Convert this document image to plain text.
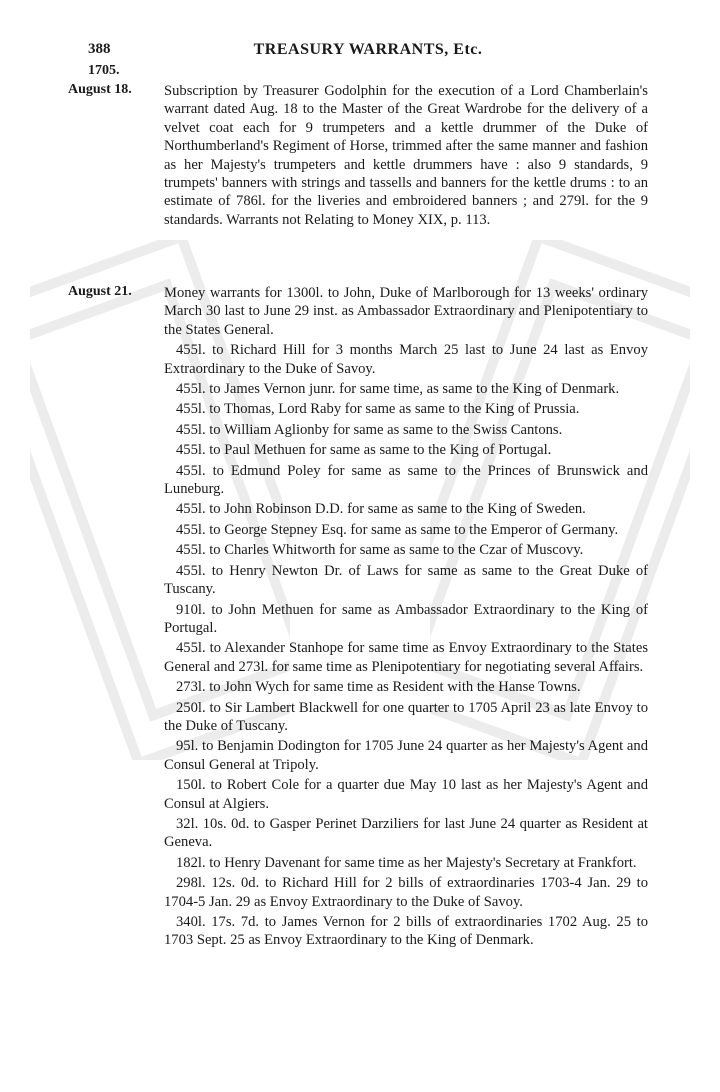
388	TREASURY WARRANTS, Etc.
1705.
August 18.	Subscription by Treasurer Godolphin for the execution of a Lord Chamberlain's warrant dated Aug. 18 to the Master of the Great Wardrobe for the delivery of a velvet coat each for 9 trumpeters and a kettle drummer of the Duke of Northumberland's Regiment of Horse, trimmed after the same manner and fashion as her Majesty's trumpeters and kettle drummers have : also 9 standards, 9 trumpets' banners with strings and tassells and banners for the kettle drums : to an estimate of 786l. for the liveries and embroidered banners ; and 279l. for the 9 standards. Warrants not Relating to Money XIX, p. 113.

August 21.	Money warrants for 1300l. to John, Duke of Marlborough for 13 weeks' ordinary March 30 last to June 29 inst. as Ambassador Extraordinary and Plenipotentiary to the States General.

455l. to Richard Hill for 3 months March 25 last to June 24 last as Envoy Extraordinary to the Duke of Savoy.

455l. to James Vernon junr. for same time, as same to the King of Denmark.

455l. to Thomas, Lord Raby for same as same to the King of Prussia.

455l. to William Aglionby for same as same to the Swiss Cantons.

455l. to Paul Methuen for same as same to the King of Portugal.

455l. to Edmund Poley for same as same to the Princes of Brunswick and Luneburg.

455l. to John Robinson D.D. for same as same to the King of Sweden.

455l. to George Stepney Esq. for same as same to the Emperor of Germany.

455l. to Charles Whitworth for same as same to the Czar of Muscovy.

455l. to Henry Newton Dr. of Laws for same as same to the Great Duke of Tuscany.

910l. to John Methuen for same as Ambassador Extraordinary to the King of Portugal.

455l. to Alexander Stanhope for same time as Envoy Extraordinary to the States General and 273l. for same time as Plenipotentiary for negotiating several Affairs.

273l. to John Wych for same time as Resident with the Hanse Towns.

250l. to Sir Lambert Blackwell for one quarter to 1705 April 23 as late Envoy to the Duke of Tuscany.

95l. to Benjamin Dodington for 1705 June 24 quarter as her Majesty's Agent and Consul General at Tripoly.

150l. to Robert Cole for a quarter due May 10 last as her Majesty's Agent and Consul at Algiers.

32l. 10s. 0d. to Gasper Perinet Darziliers for last June 24 quarter as Resident at Geneva.

182l. to Henry Davenant for same time as her Majesty's Secretary at Frankfort.

298l. 12s. 0d. to Richard Hill for 2 bills of extraordinaries 1703-4 Jan. 29 to 1704-5 Jan. 29 as Envoy Extraordinary to the Duke of Savoy.

340l. 17s. 7d. to James Vernon for 2 bills of extraordinaries 1702 Aug. 25 to 1703 Sept. 25 as Envoy Extraordinary to the King of Denmark.
